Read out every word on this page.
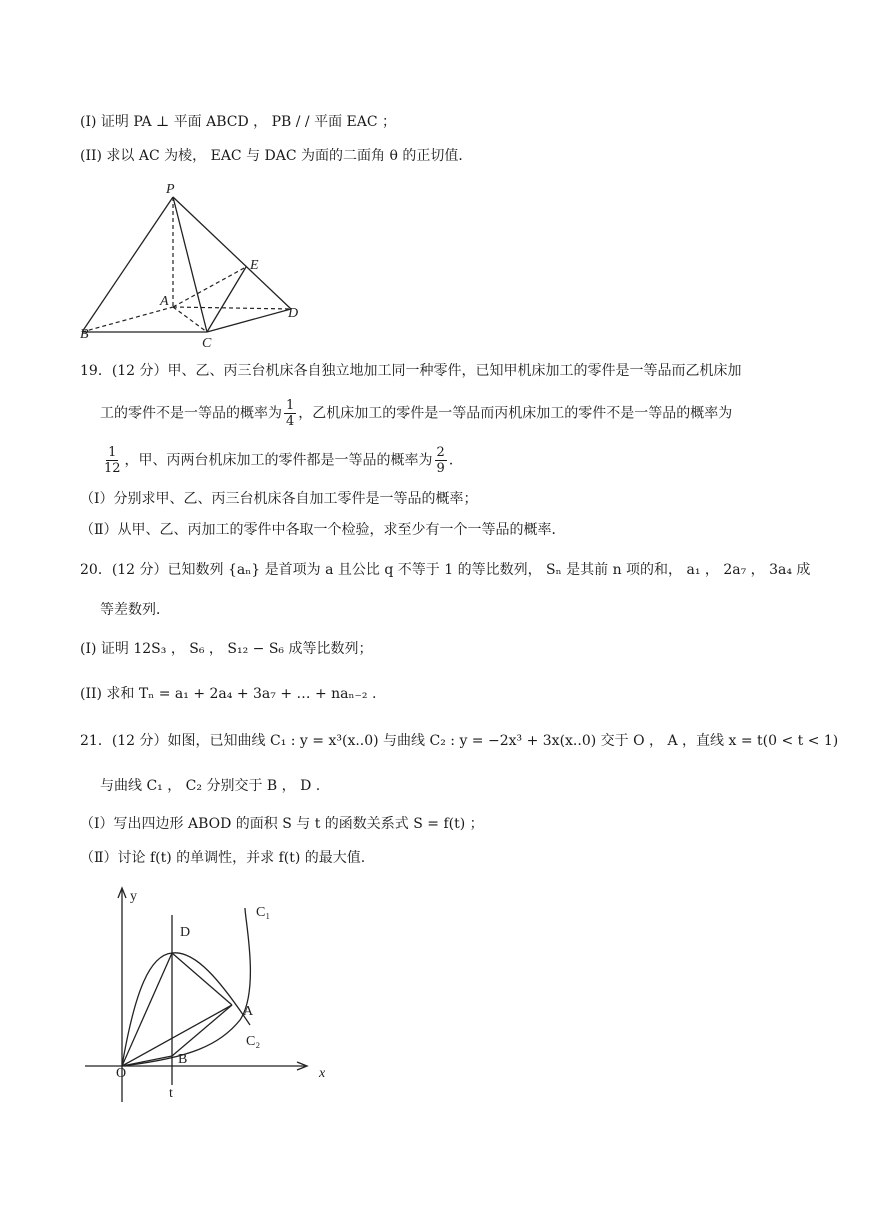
(I) 证明 PA ⊥ 平面 ABCD ， PB / / 平面 EAC ；
(II) 求以 AC 为棱， EAC 与 DAC 为面的二面角 θ 的正切值．
P
E
A
B
C
D
19．(12 分）甲、乙、丙三台机床各自独立地加工同一种零件，已知甲机床加工的零件是一等品而乙机床加
工的零件不是一等品的概率为 $\frac{1}{4}$ ，乙机床加工的零件是一等品而丙机床加工的零件不是一等品的概率为
$\frac{1}{12}$ ，甲、丙两台机床加工的零件都是一等品的概率为 $\frac{2}{9}$ ．
（Ⅰ）分别求甲、乙、丙三台机床各自加工零件是一等品的概率；
（Ⅱ）从甲、乙、丙加工的零件中各取一个检验，求至少有一个一等品的概率．
20．(12 分）已知数列 {aₙ} 是首项为 a 且公比 q 不等于 1 的等比数列， Sₙ 是其前 n 项的和， a₁ ， 2a₇ ， 3a₄ 成
等差数列．
(I) 证明 12S₃ ， S₆ ， S₁₂ − S₆ 成等比数列；
(II) 求和 Tₙ = a₁ + 2a₄ + 3a₇ + … + naₙ₋₂ .
21．(12 分）如图，已知曲线 C₁ : y = x³(x..0) 与曲线 C₂ : y = −2x³ + 3x(x..0) 交于 O ， A ，直线 x = t(0 < t < 1)
与曲线 C₁ ， C₂ 分别交于 B ， D .
（Ⅰ）写出四边形 ABOD 的面积 S 与 t 的函数关系式 S = f(t) ；
（Ⅱ）讨论 f(t) 的单调性，并求 f(t) 的最大值.
y
x
C₁
D
A
C₂
B
O
t
